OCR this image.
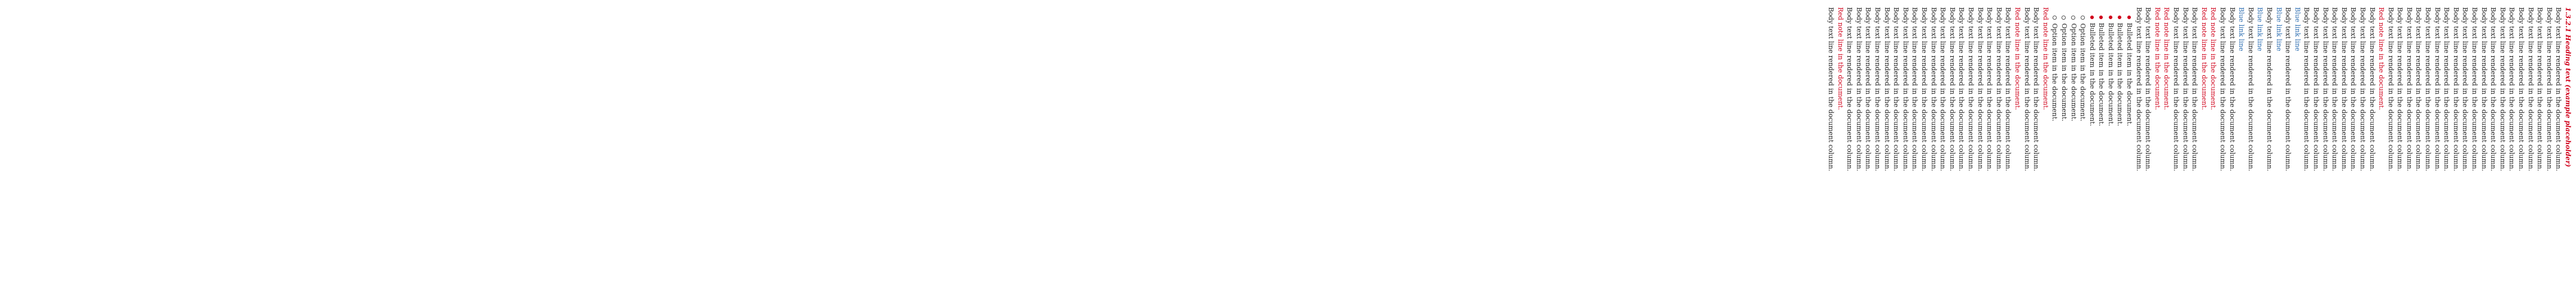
1.3.2.1 Heading text (example placeholder)
Body text line rendered in the document column.
Body text line rendered in the document column.
Body text line rendered in the document column.
Body text line rendered in the document column.
Body text line rendered in the document column.
Body text line rendered in the document column.
Body text line rendered in the document column.
Body text line rendered in the document column.
Body text line rendered in the document column.
Body text line rendered in the document column.
Body text line rendered in the document column.
Body text line rendered in the document column.
Body text line rendered in the document column.
Body text line rendered in the document column.
Body text line rendered in the document column.
Body text line rendered in the document column.
Body text line rendered in the document column.
Body text line rendered in the document column.
Body text line rendered in the document column.
Red note line in the document.
Body text line rendered in the document column.
Body text line rendered in the document column.
Body text line rendered in the document column.
Body text line rendered in the document column.
Body text line rendered in the document column.
Body text line rendered in the document column.
Body text line rendered in the document column.
Body text line rendered in the document column.
Blue link line
Body text line rendered in the document column.
Blue link line
Body text line rendered in the document column.
Blue link line
Body text line rendered in the document column.
Blue link line
Body text line rendered in the document column.
Body text line rendered in the document column.
Red note line in the document.
Red note line in the document.
Body text line rendered in the document column.
Body text line rendered in the document column.
Body text line rendered in the document column.
Red note line in the document.
Red note line in the document.
Body text line rendered in the document column.
Body text line rendered in the document column.
Bulleted item in the document.
Bulleted item in the document.
Bulleted item in the document.
Bulleted item in the document.
Bulleted item in the document.
Option item in the document.
Option item in the document.
Option item in the document.
Option item in the document.
Red note line in the document.
Body text line rendered in the document column.
Body text line rendered in the document column.
Red note line in the document.
Body text line rendered in the document column.
Body text line rendered in the document column.
Body text line rendered in the document column.
Body text line rendered in the document column.
Body text line rendered in the document column.
Body text line rendered in the document column.
Body text line rendered in the document column.
Body text line rendered in the document column.
Body text line rendered in the document column.
Body text line rendered in the document column.
Body text line rendered in the document column.
Body text line rendered in the document column.
Body text line rendered in the document column.
Body text line rendered in the document column.
Body text line rendered in the document column.
Body text line rendered in the document column.
Body text line rendered in the document column.
Body text line rendered in the document column.
Red note line in the document.
Body text line rendered in the document column.
